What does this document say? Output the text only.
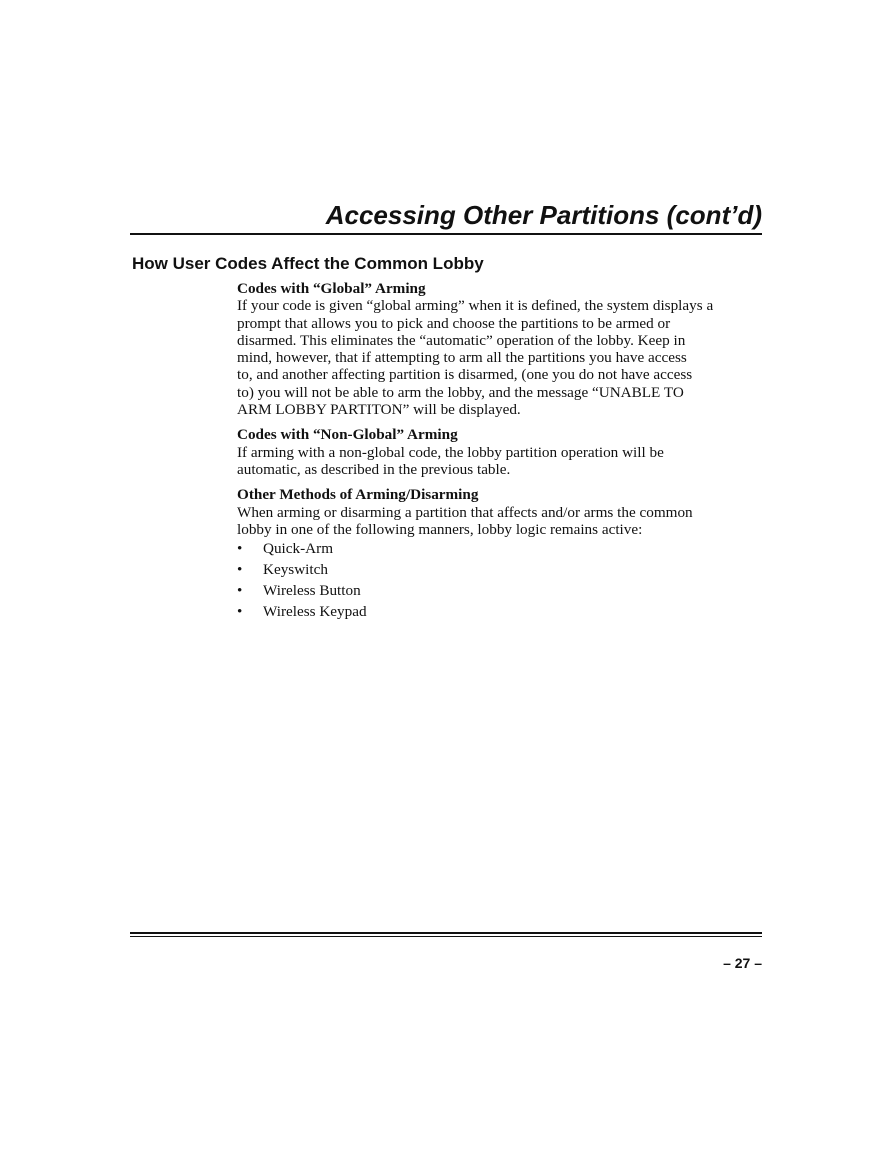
Accessing Other Partitions (cont’d)
How User Codes Affect the Common Lobby

Codes with “Global” Arming

If your code is given “global arming” when it is defined, the system displays a
prompt that allows you to pick and choose the partitions to be armed or
disarmed. This eliminates the “automatic” operation of the lobby. Keep in
mind, however, that if attempting to arm all the partitions you have access
to, and another affecting partition is disarmed, (one you do not have access
to) you will not be able to arm the lobby, and the message “UNABLE TO
ARM LOBBY PARTITON” will be displayed.

Codes with “Non-Global” Arming

If arming with a non-global code, the lobby partition operation will be
automatic, as described in the previous table.

Other Methods of Arming/Disarming

When arming or disarming a partition that affects and/or arms the common
lobby in one of the following manners, lobby logic remains active:

• Quick-Arm
• Keyswitch
• Wireless Button
• Wireless Keypad
– 27 –
